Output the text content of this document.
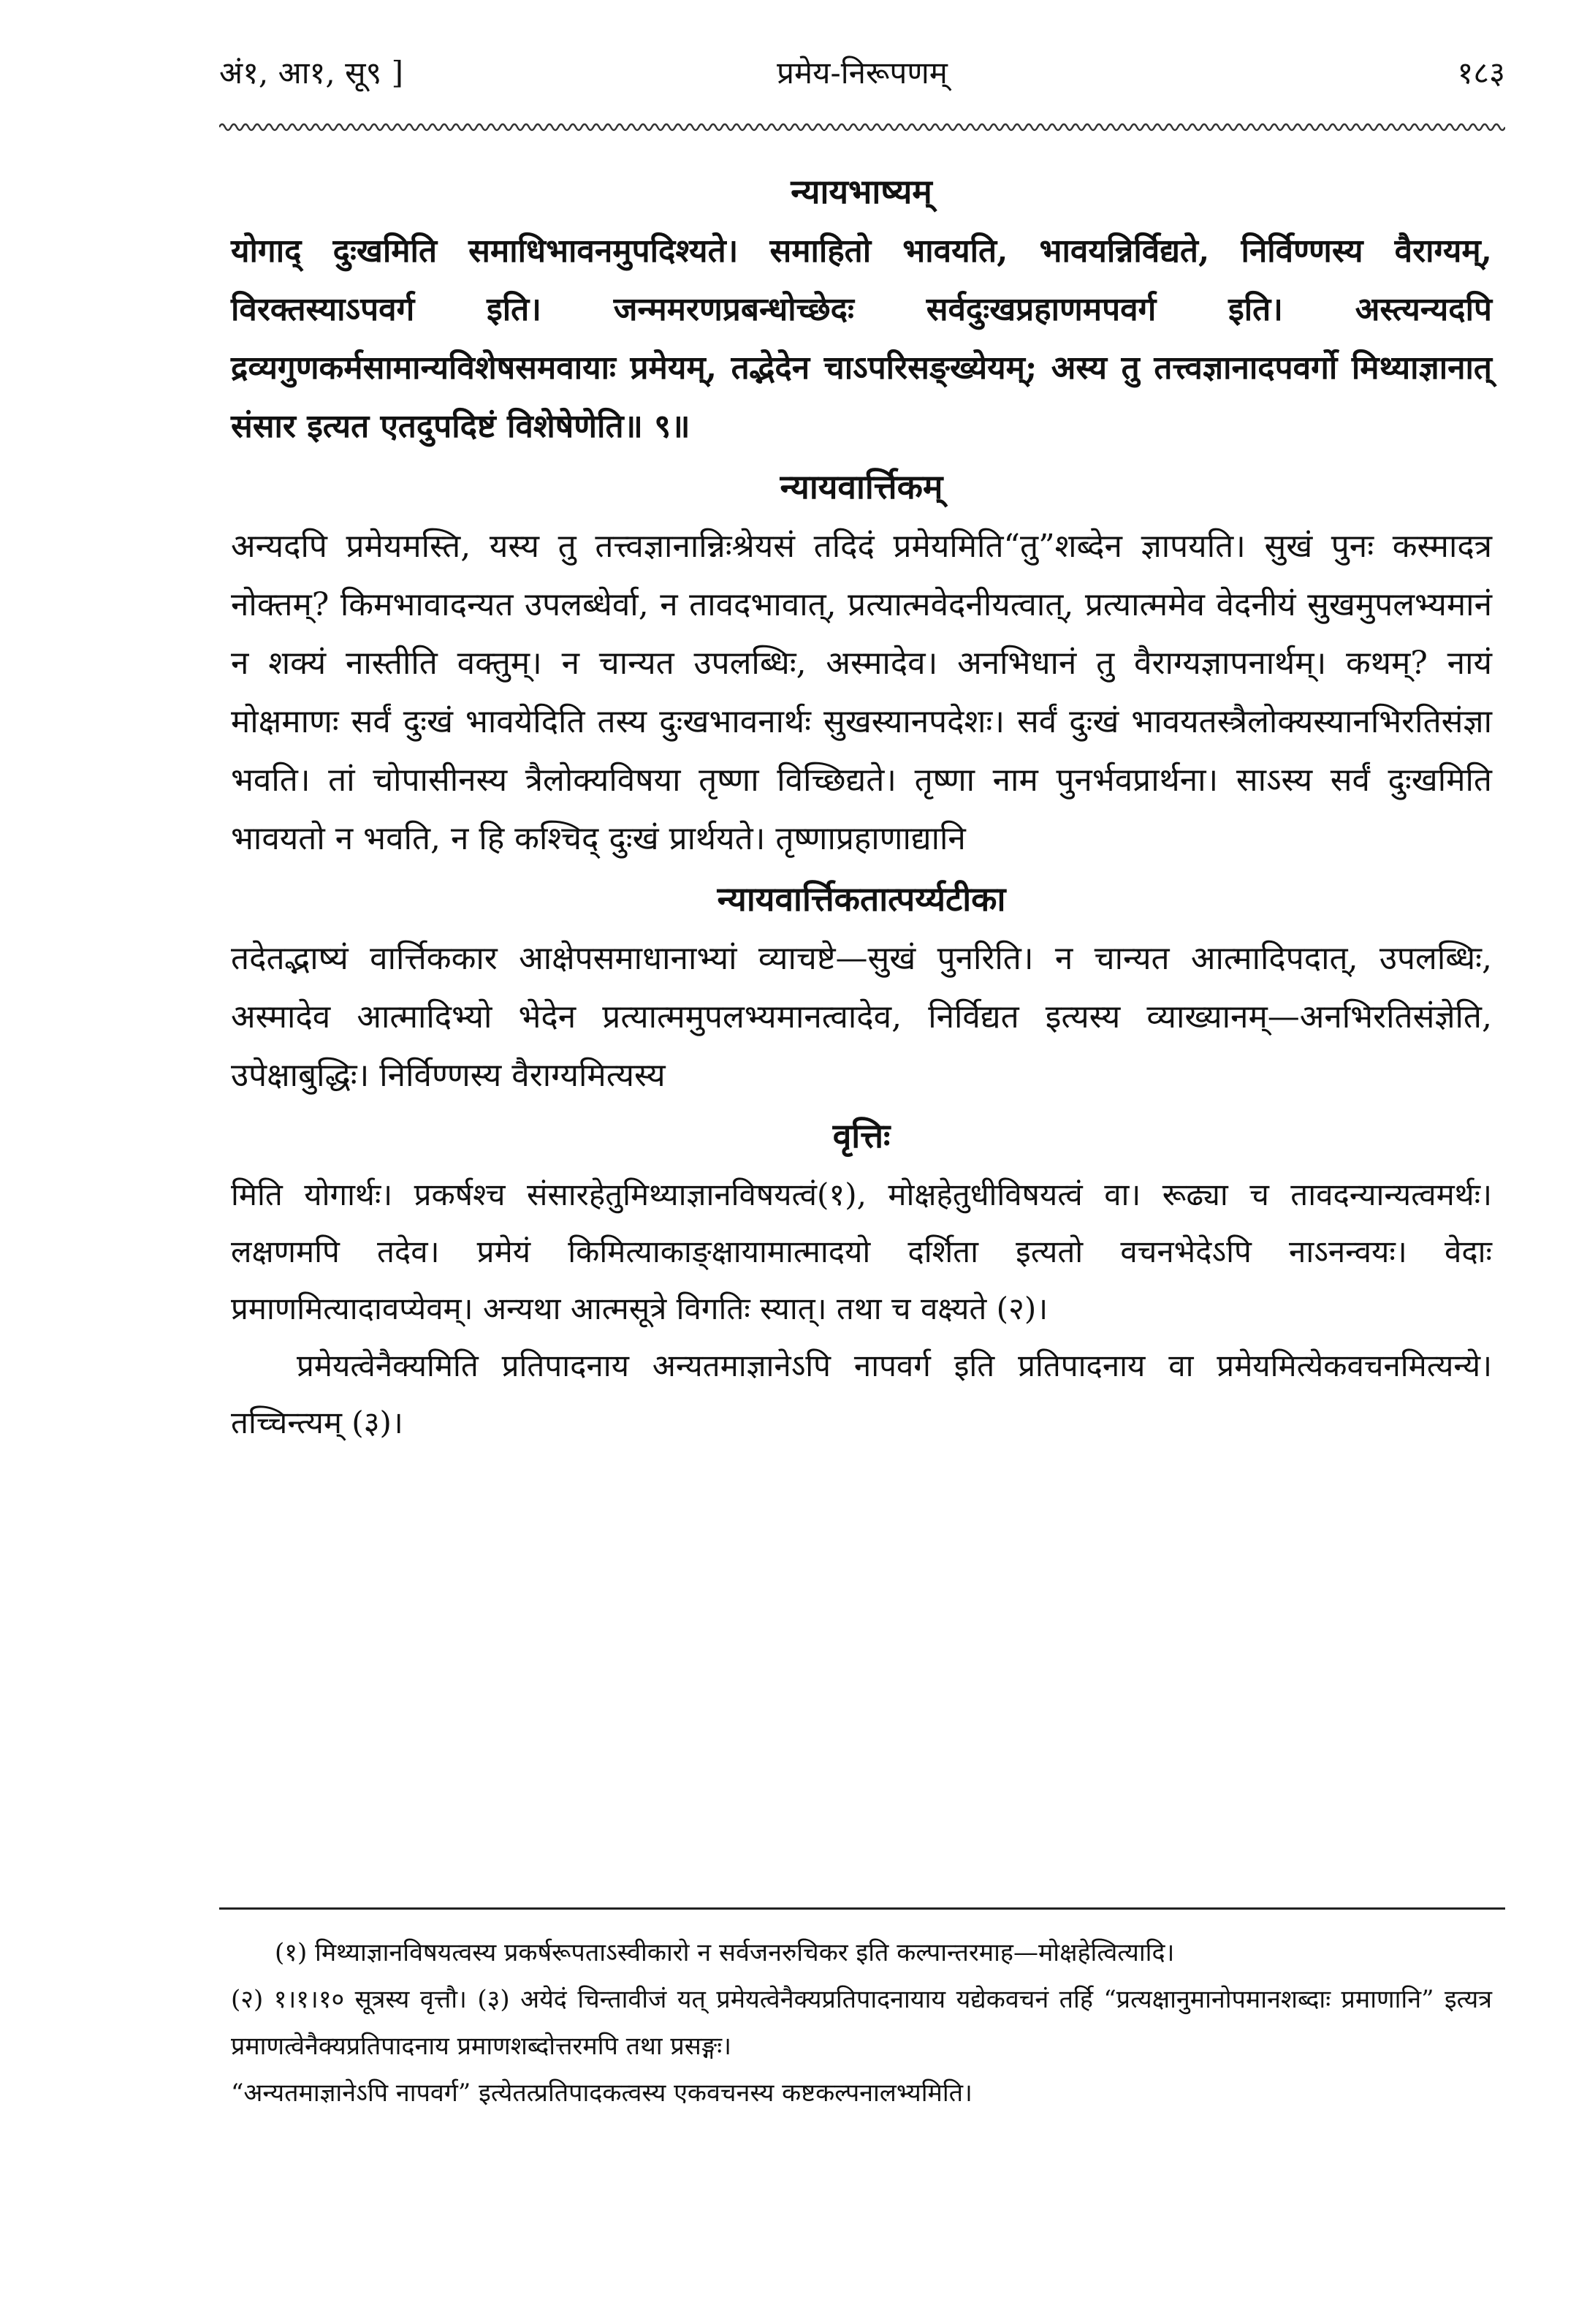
अं१, आ१, सू९ ]	प्रमेय-निरूपणम्	१८३
न्यायभाष्यम्

योगाद् दुःखमिति समाधिभावनमुपदिश्यते। समाहितो भावयति, भावयन्निर्विद्यते, निर्विण्णस्य वैराग्यम्, विरक्तस्याऽपवर्ग इति। जन्ममरणप्रबन्धोच्छेदः सर्वदुःखप्रहाणमपवर्ग इति। अस्त्यन्यदपि द्रव्यगुणकर्मसामान्यविशेषसमवायाः प्रमेयम्, तद्भेदेन चाऽपरिसङ्ख्येयम्; अस्य तु तत्त्वज्ञानादपवर्गो मिथ्याज्ञानात् संसार इत्यत एतदुपदिष्टं विशेषेणेति॥ ९॥

न्यायवार्त्तिकम्

अन्यदपि प्रमेयमस्ति, यस्य तु तत्त्वज्ञानान्निःश्रेयसं तदिदं प्रमेयमिति“तु”शब्देन ज्ञापयति। सुखं पुनः कस्मादत्र नोक्तम्? किमभावादन्यत उपलब्धेर्वा, न तावदभावात्, प्रत्यात्मवेदनीयत्वात्, प्रत्यात्ममेव वेदनीयं सुखमुपलभ्यमानं न शक्यं नास्तीति वक्तुम्। न चान्यत उपलब्धिः, अस्मादेव। अनभिधानं तु वैराग्यज्ञापनार्थम्। कथम्? नायं मोक्षमाणः सर्वं दुःखं भावयेदिति तस्य दुःखभावनार्थः सुखस्यानपदेशः। सर्वं दुःखं भावयतस्त्रैलोक्यस्यानभिरतिसंज्ञा भवति। तां चोपासीनस्य त्रैलोक्यविषया तृष्णा विच्छिद्यते। तृष्णा नाम पुनर्भवप्रार्थना। साऽस्य सर्वं दुःखमिति भावयतो न भवति, न हि कश्चिद् दुःखं प्रार्थयते। तृष्णाप्रहाणाद्यानि

न्यायवार्त्तिकतात्पर्य्यटीका

तदेतद्भाष्यं वार्त्तिककार आक्षेपसमाधानाभ्यां व्याचष्टे—सुखं पुनरिति। न चान्यत आत्मादिपदात्, उपलब्धिः, अस्मादेव आत्मादिभ्यो भेदेन प्रत्यात्ममुपलभ्यमानत्वादेव, निर्विद्यत इत्यस्य व्याख्यानम्—अनभिरतिसंज्ञेति, उपेक्षाबुद्धिः। निर्विण्णस्य वैराग्यमित्यस्य

वृत्तिः

मिति योगार्थः। प्रकर्षश्च संसारहेतुमिथ्याज्ञानविषयत्वं(१), मोक्षहेतुधीविषयत्वं वा। रूढ्या च तावदन्यान्यत्वमर्थः। लक्षणमपि तदेव। प्रमेयं किमित्याकाङ्क्षायामात्मादयो दर्शिता इत्यतो वचनभेदेऽपि नाऽनन्वयः। वेदाः प्रमाणमित्यादावप्येवम्। अन्यथा आत्मसूत्रे विगतिः स्यात्। तथा च वक्ष्यते (२)।

प्रमेयत्वेनैक्यमिति प्रतिपादनाय अन्यतमाज्ञानेऽपि नापवर्ग इति प्रतिपादनाय वा प्रमेयमित्येकवचनमित्यन्ये। तच्चिन्त्यम् (३)।

(१) मिथ्याज्ञानविषयत्वस्य प्रकर्षरूपताऽस्वीकारो न सर्वजनरुचिकर इति कल्पान्तरमाह—मोक्षहेत्वित्यादि।

(२) १।१।१० सूत्रस्य वृत्तौ। (३) अयेदं चिन्तावीजं यत् प्रमेयत्वेनैक्यप्रतिपादनायाय यद्येकवचनं तर्हि “प्रत्यक्षानुमानोपमानशब्दाः प्रमाणानि” इत्यत्र प्रमाणत्वेनैक्यप्रतिपादनाय प्रमाणशब्दोत्तरमपि तथा प्रसङ्गः।

“अन्यतमाज्ञानेऽपि नापवर्ग” इत्येतत्प्रतिपादकत्वस्य एकवचनस्य कष्टकल्पनालभ्यमिति।
